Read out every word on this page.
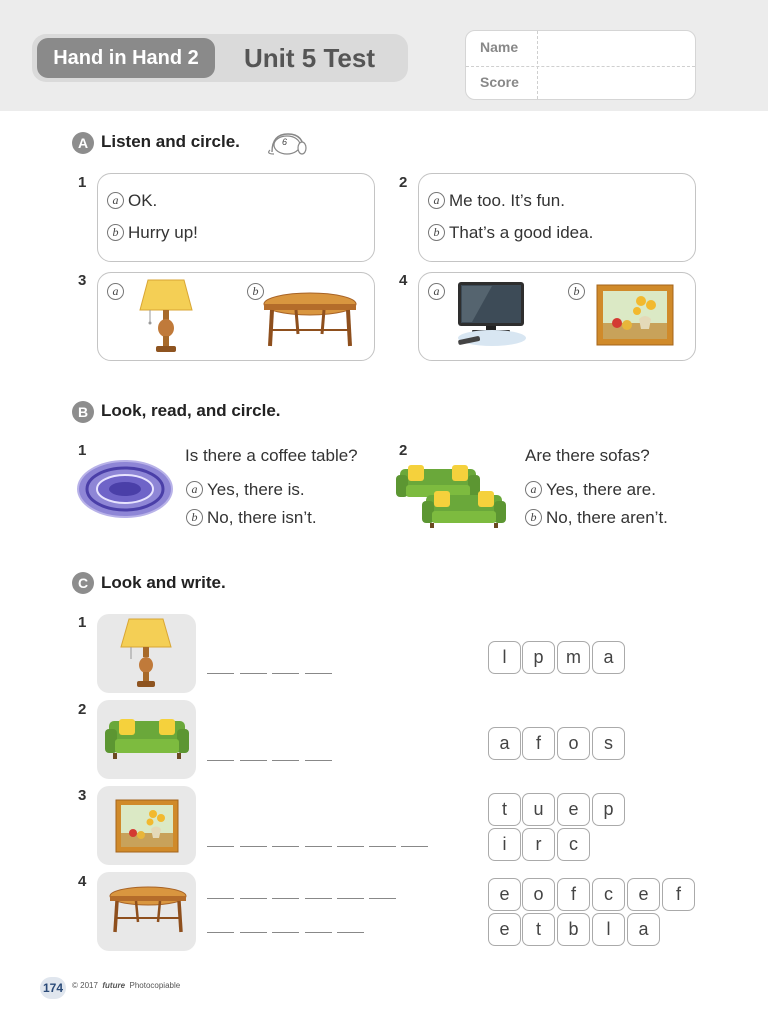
Hand in Hand 2	Unit 5 Test	Name
Score
A Listen and circle.	6
1
a OK.
b Hurry up!
2
a Me too. It’s fun.
b That’s a good idea.
3
a	b
4
a	b
B Look, read, and circle.
1	Is there a coffee table?
a Yes, there is.
b No, there isn’t.
2	Are there sofas?
a Yes, there are.
b No, there aren’t.
C Look and write.
1
l	p	m	a
2
a	f	o	s
3
t	u	e	p
i	r	c
4
e	o	f	c	e	f
e	t	b	l	a
174	© 2017 future Photocopiable
